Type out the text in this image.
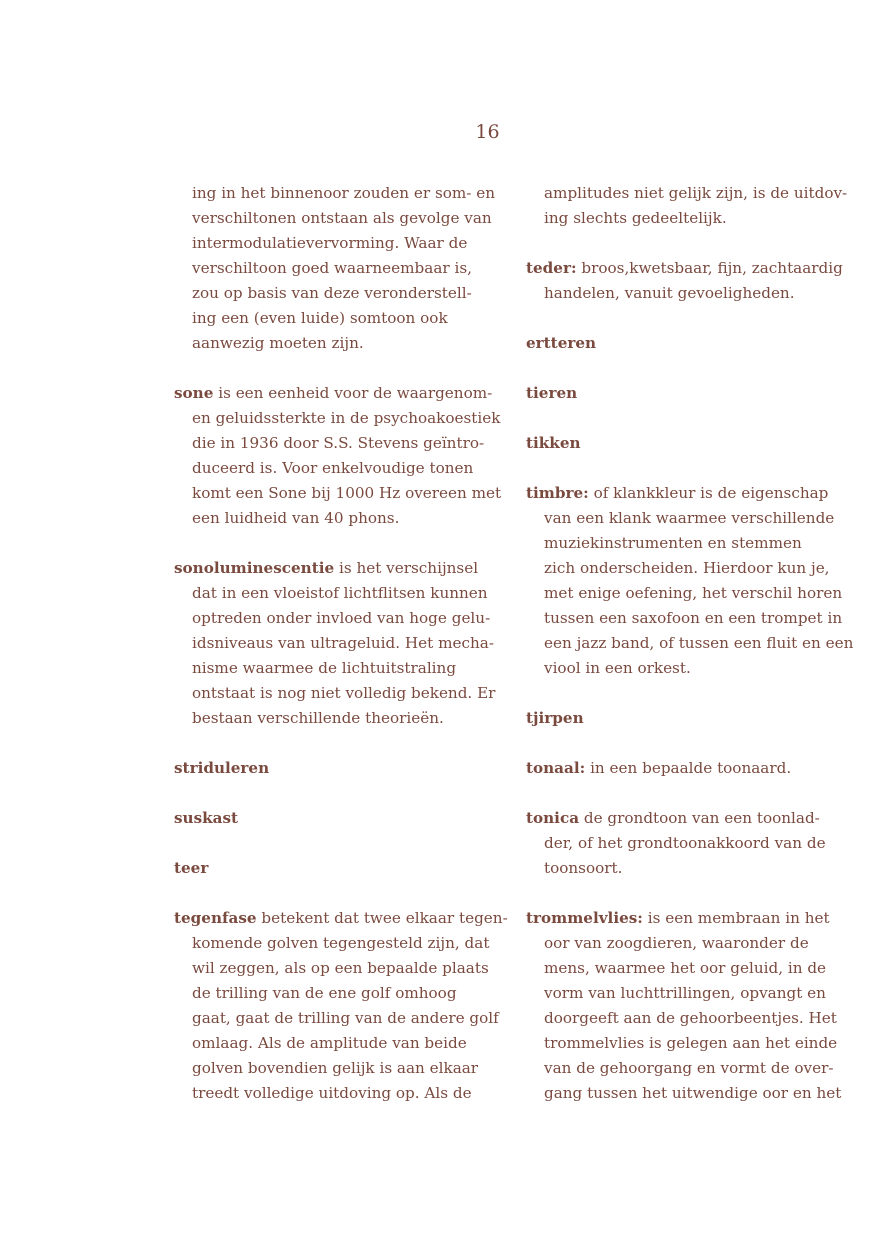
16
ing in het binnenoor zouden er som- en
verschiltonen ontstaan als gevolge van
intermodulatievervorming. Waar de
verschiltoon goed waarneembaar is,
zou op basis van deze veronderstell-
ing een (even luide) somtoon ook
aanwezig moeten zijn.
sone is een eenheid voor de waargenom-
en geluidssterkte in de psychoakoestiek
die in 1936 door S.S. Stevens geïntro-
duceerd is. Voor enkelvoudige tonen
komt een Sone bij 1000 Hz overeen met
een luidheid van 40 phons.
sonoluminescentie is het verschijnsel
dat in een vloeistof lichtflitsen kunnen
optreden onder invloed van hoge gelu-
idsniveaus van ultrageluid. Het mecha-
nisme waarmee de lichtuitstraling
ontstaat is nog niet volledig bekend. Er
bestaan verschillende theorieën.
striduleren
suskast
teer
tegenfase betekent dat twee elkaar tegen-
komende golven tegengesteld zijn, dat
wil zeggen, als op een bepaalde plaats
de trilling van de ene golf omhoog
gaat, gaat de trilling van de andere golf
omlaag. Als de amplitude van beide
golven bovendien gelijk is aan elkaar
treedt volledige uitdoving op. Als de
amplitudes niet gelijk zijn, is de uitdov-
ing slechts gedeeltelijk.
teder: broos,kwetsbaar, fijn, zachtaardig
handelen, vanuit gevoeligheden.
ertteren
tieren
tikken
timbre: of klankkleur is de eigenschap
van een klank waarmee verschillende
muziekinstrumenten en stemmen
zich onderscheiden. Hierdoor kun je,
met enige oefening, het verschil horen
tussen een saxofoon en een trompet in
een jazz band, of tussen een fluit en een
viool in een orkest.
tjirpen
tonaal: in een bepaalde toonaard.
tonica de grondtoon van een toonlad-
der, of het grondtoonakkoord van de
toonsoort.
trommelvlies: is een membraan in het
oor van zoogdieren, waaronder de
mens, waarmee het oor geluid, in de
vorm van luchttrillingen, opvangt en
doorgeeft aan de gehoorbeentjes. Het
trommelvlies is gelegen aan het einde
van de gehoorgang en vormt de over-
gang tussen het uitwendige oor en het
